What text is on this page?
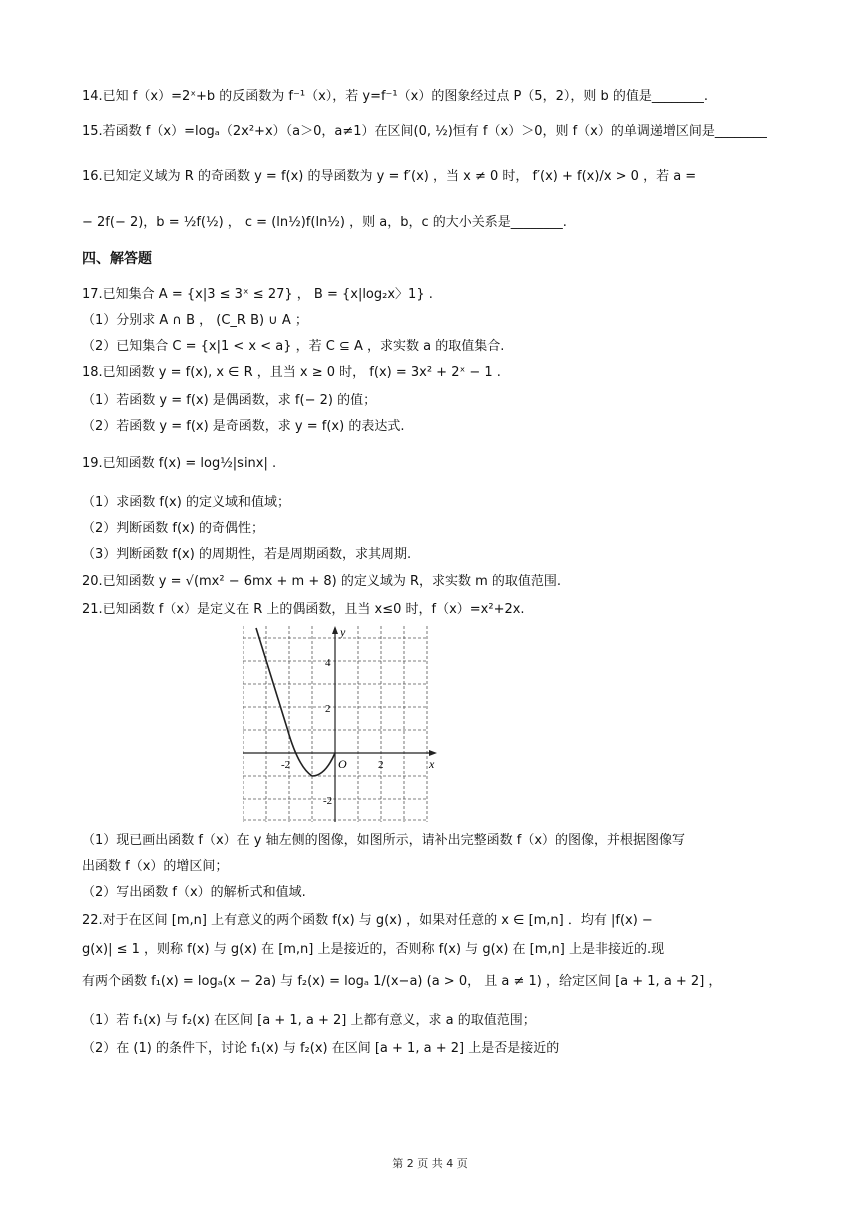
14.已知 f（x）=2ˣ+b 的反函数为 f⁻¹（x），若 y=f⁻¹（x）的图象经过点 P（5，2），则 b 的值是________.
15.若函数 f（x）=logₐ（2x²+x）（a＞0，a≠1）在区间(0, ½)恒有 f（x）＞0，则 f（x）的单调递增区间是________
16.已知定义域为 R 的奇函数 y = f(x) 的导函数为 y = f′(x) ，当 x ≠ 0 时， f′(x) + f(x)/x > 0 ，若 a =
− 2f(− 2)，b = ½f(½) ， c = (ln½)f(ln½) ，则 a，b，c 的大小关系是________.
四、解答题
17.已知集合 A = {x|3 ≤ 3ˣ ≤ 27} ， B = {x|log₂x〉1} .
（1）分别求 A ∩ B ， (C_R B) ∪ A ；
（2）已知集合 C = {x|1 < x < a} ，若 C ⊆ A ，求实数 a 的取值集合.
18.已知函数 y = f(x), x ∈ R ，且当 x ≥ 0 时， f(x) = 3x² + 2ˣ − 1 .
（1）若函数 y = f(x) 是偶函数，求 f(− 2) 的值；
（2）若函数 y = f(x) 是奇函数，求 y = f(x) 的表达式.
19.已知函数 f(x) = log½|sinx| .
（1）求函数 f(x) 的定义域和值域；
（2）判断函数 f(x) 的奇偶性；
（3）判断函数 f(x) 的周期性，若是周期函数，求其周期.
20.已知函数 y = √(mx² − 6mx + m + 8) 的定义域为 R，求实数 m 的取值范围.
21.已知函数 f（x）是定义在 R 上的偶函数，且当 x≤0 时，f（x）=x²+2x.
y
x
O
4
2
-2	2
-2
（1）现已画出函数 f（x）在 y 轴左侧的图像，如图所示，请补出完整函数 f（x）的图像，并根据图像写
出函数 f（x）的增区间；
（2）写出函数 f（x）的解析式和值域.
22.对于在区间 [m,n] 上有意义的两个函数 f(x) 与 g(x) ，如果对任意的 x ∈ [m,n] ．均有 |f(x) −
g(x)| ≤ 1 ，则称 f(x) 与 g(x) 在 [m,n] 上是接近的，否则称 f(x) 与 g(x) 在 [m,n] 上是非接近的.现
有两个函数 f₁(x) = logₐ(x − 2a) 与 f₂(x) = logₐ 1/(x−a) (a > 0， 且 a ≠ 1) ，给定区间 [a + 1, a + 2] ，
（1）若 f₁(x) 与 f₂(x) 在区间 [a + 1, a + 2] 上都有意义，求 a 的取值范围；
（2）在 (1) 的条件下，讨论 f₁(x) 与 f₂(x) 在区间 [a + 1, a + 2] 上是否是接近的
第 2 页 共 4 页
